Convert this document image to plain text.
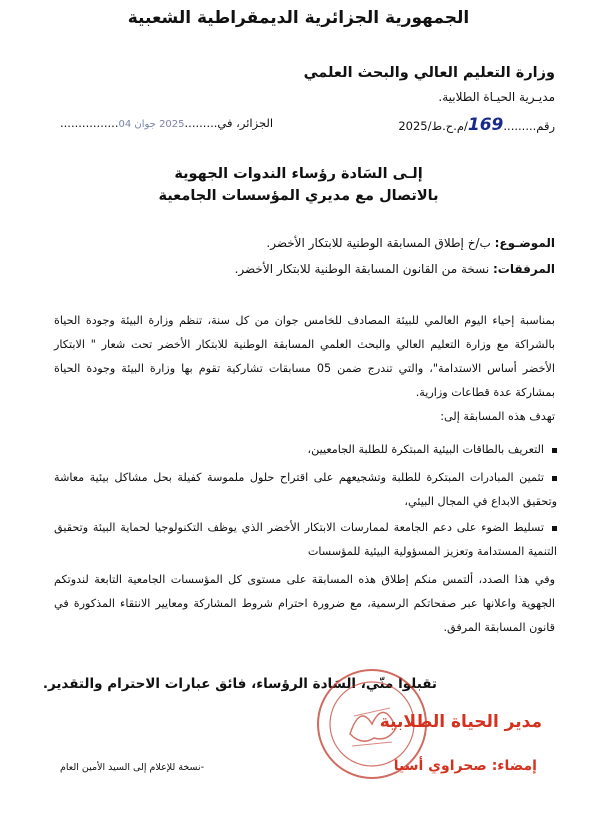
الجمهورية الجزائرية الديمقراطية الشعبية
وزارة التعليم العالي والبحث العلمي
مديـرية الحيـاة الطلابية.
رقم.........169/م.ح.ط/2025
الجزائر، في.........2025 جوان 04................
إلـى السَادة رؤساء الندوات الجهوية
بالاتصال مع مديري المؤسسات الجامعية
الموضـوع: ب/خ إطلاق المسابقة الوطنية للابتكار الأخضر.
المرفقات: نسخة من القانون المسابقة الوطنية للابتكار الأخضر.
بمناسبة إحياء اليوم العالمي للبيئة المصادف للخامس جوان من كل سنة، تنظم وزارة البيئة وجودة الحياة بالشراكة مع وزارة التعليم العالي والبحث العلمي المسابقة الوطنية للابتكار الأخضر تحت شعار " الابتكار الأخضر أساس الاستدامة"، والتي تندرج ضمن 05 مسابقات تشاركية تقوم بها وزارة البيئة وجودة الحياة بمشاركة عدة قطاعات وزارية.
تهدف هذه المسابقة إلى:
التعريف بالطاقات البيئية المبتكرة للطلبة الجامعيين،
تثمين المبادرات المبتكرة للطلبة وتشجيعهم على اقتراح حلول ملموسة كفيلة بحل مشاكل بيئية معاشة وتحقيق الابداع في المجال البيئي،
تسليط الضوء على دعم الجامعة لممارسات الابتكار الأخضر الذي يوظف التكنولوجيا لحماية البيئة وتحقيق التنمية المستدامة وتعزيز المسؤولية البيئية للمؤسسات
وفي هذا الصدد، ألتمس منكم إطلاق هذه المسابقة على مستوى كل المؤسسات الجامعية التابعة لندوتكم الجهوية واعلانها عبر صفحاتكم الرسمية، مع ضرورة احترام شروط المشاركة ومعايير الانتقاء المذكورة في قانون المسابقة المرفق.
تقبلوا منّي، السَادة الرؤساء، فائق عبارات الاحترام والتقدير.
مدير الحياة الطلابية
إمضاء: صحراوي أسيا
-نسخة للإعلام إلى السيد الأمين العام
